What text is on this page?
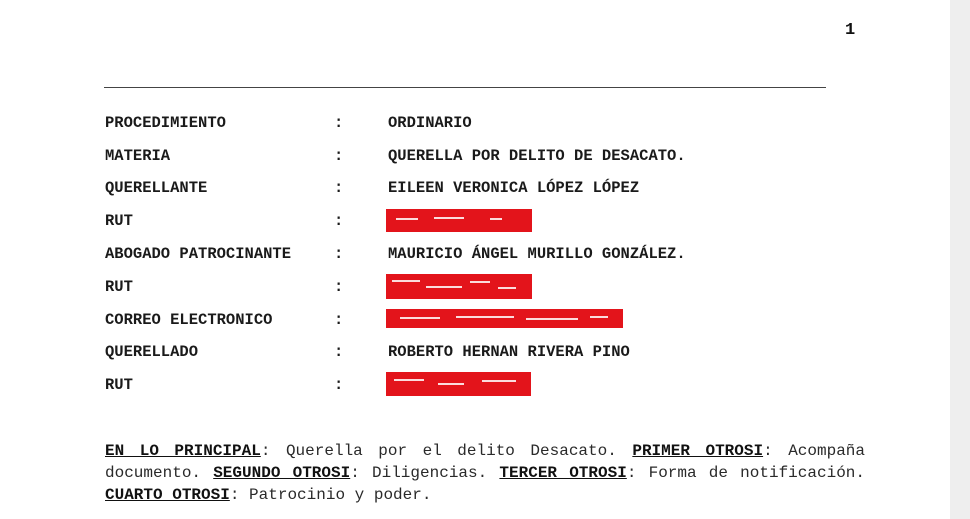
1
PROCEDIMIENTO	:	ORDINARIO
MATERIA	:	QUERELLA POR DELITO DE DESACATO.
QUERELLANTE	:	EILEEN VERONICA LÓPEZ LÓPEZ
RUT	:
ABOGADO PATROCINANTE	:	MAURICIO ÁNGEL MURILLO GONZÁLEZ.
RUT	:
CORREO ELECTRONICO	:
QUERELLADO	:	ROBERTO HERNAN RIVERA PINO
RUT	:
EN LO PRINCIPAL: Querella por el delito Desacato. PRIMER OTROSI: Acompaña documento. SEGUNDO OTROSI: Diligencias. TERCER OTROSI: Forma de notificación. CUARTO OTROSI: Patrocinio y poder.
